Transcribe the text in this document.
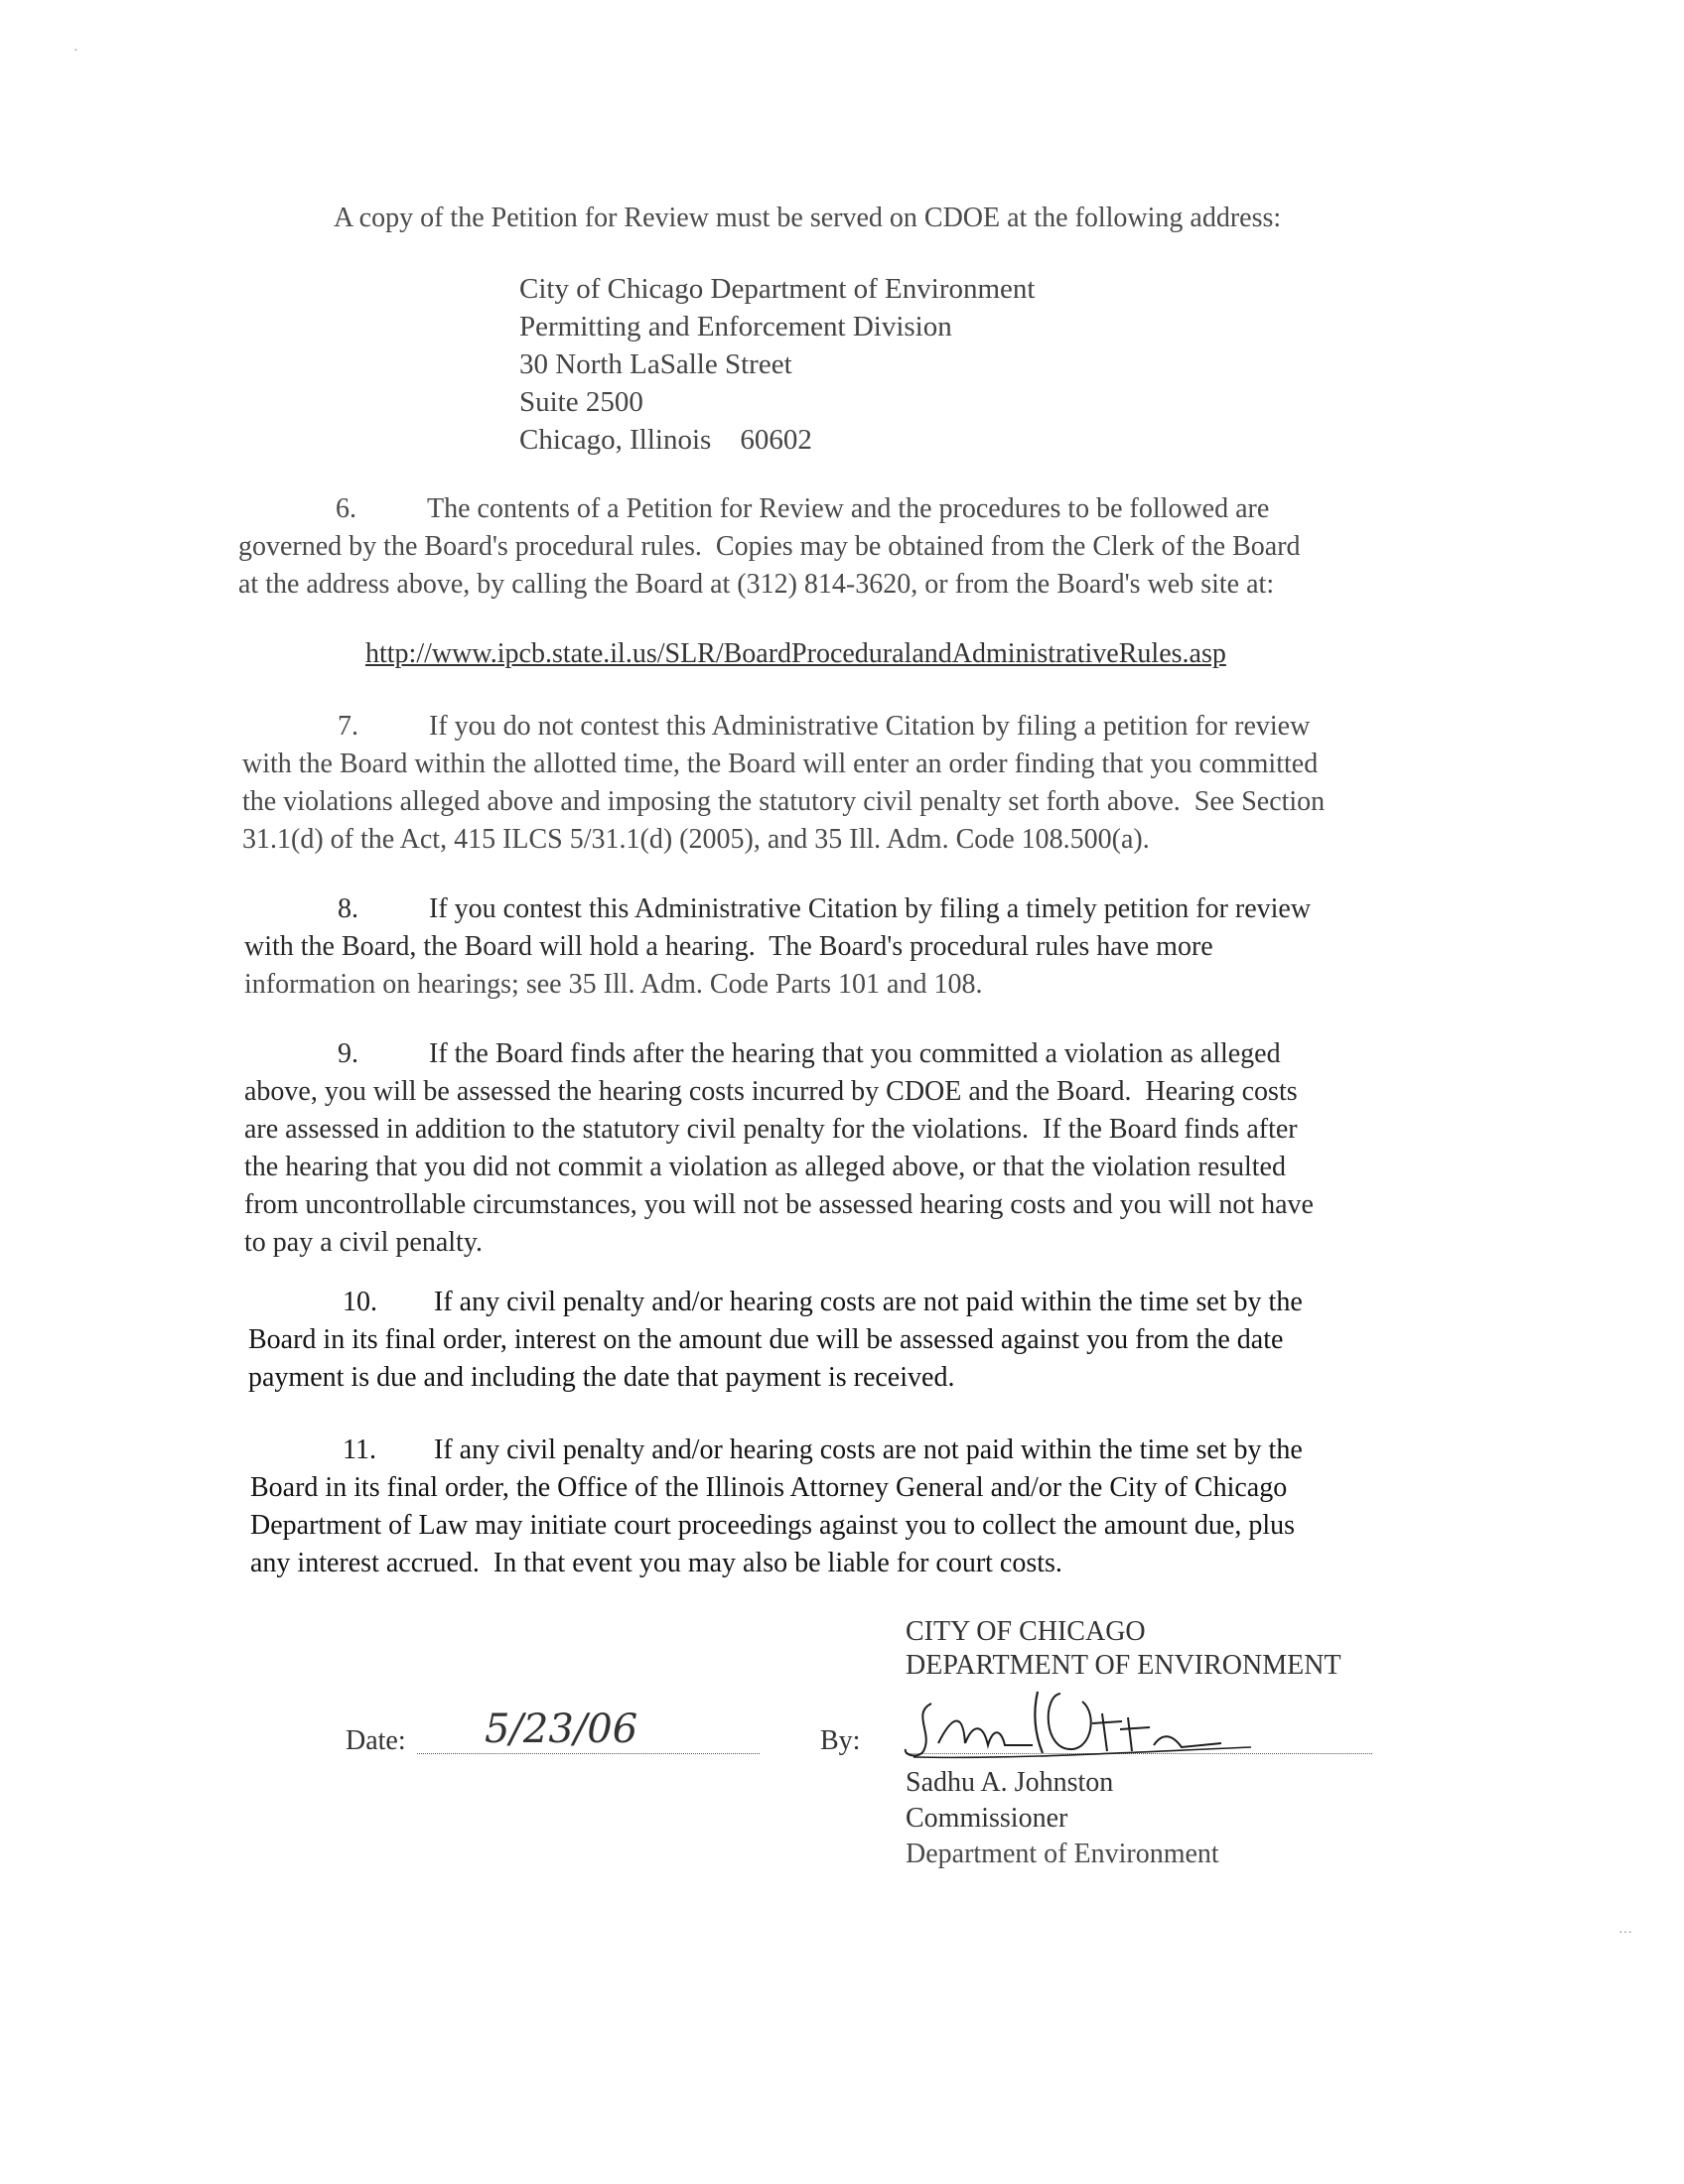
A copy of the Petition for Review must be served on CDOE at the following address:
City of Chicago Department of Environment
Permitting and Enforcement Division
30 North LaSalle Street
Suite 2500
Chicago, Illinois    60602
6.	The contents of a Petition for Review and the procedures to be followed are
governed by the Board's procedural rules.  Copies may be obtained from the Clerk of the Board
at the address above, by calling the Board at (312) 814-3620, or from the Board's web site at:
http://www.ipcb.state.il.us/SLR/BoardProceduralandAdministrativeRules.asp
7.	If you do not contest this Administrative Citation by filing a petition for review
with the Board within the allotted time, the Board will enter an order finding that you committed
the violations alleged above and imposing the statutory civil penalty set forth above.  See Section
31.1(d) of the Act, 415 ILCS 5/31.1(d) (2005), and 35 Ill. Adm. Code 108.500(a).
8.	If you contest this Administrative Citation by filing a timely petition for review
with the Board, the Board will hold a hearing.  The Board's procedural rules have more
information on hearings; see 35 Ill. Adm. Code Parts 101 and 108.
9.	If the Board finds after the hearing that you committed a violation as alleged
above, you will be assessed the hearing costs incurred by CDOE and the Board.  Hearing costs
are assessed in addition to the statutory civil penalty for the violations.  If the Board finds after
the hearing that you did not commit a violation as alleged above, or that the violation resulted
from uncontrollable circumstances, you will not be assessed hearing costs and you will not have
to pay a civil penalty.
10. If any civil penalty and/or hearing costs are not paid within the time set by the
Board in its final order, interest on the amount due will be assessed against you from the date
payment is due and including the date that payment is received.
11. If any civil penalty and/or hearing costs are not paid within the time set by the
Board in its final order, the Office of the Illinois Attorney General and/or the City of Chicago
Department of Law may initiate court proceedings against you to collect the amount due, plus
any interest accrued.  In that event you may also be liable for court costs.
CITY OF CHICAGO
DEPARTMENT OF ENVIRONMENT
Date: 5/23/06	By:
Sadhu A. Johnston
Commissioner
Department of Environment
·
···
